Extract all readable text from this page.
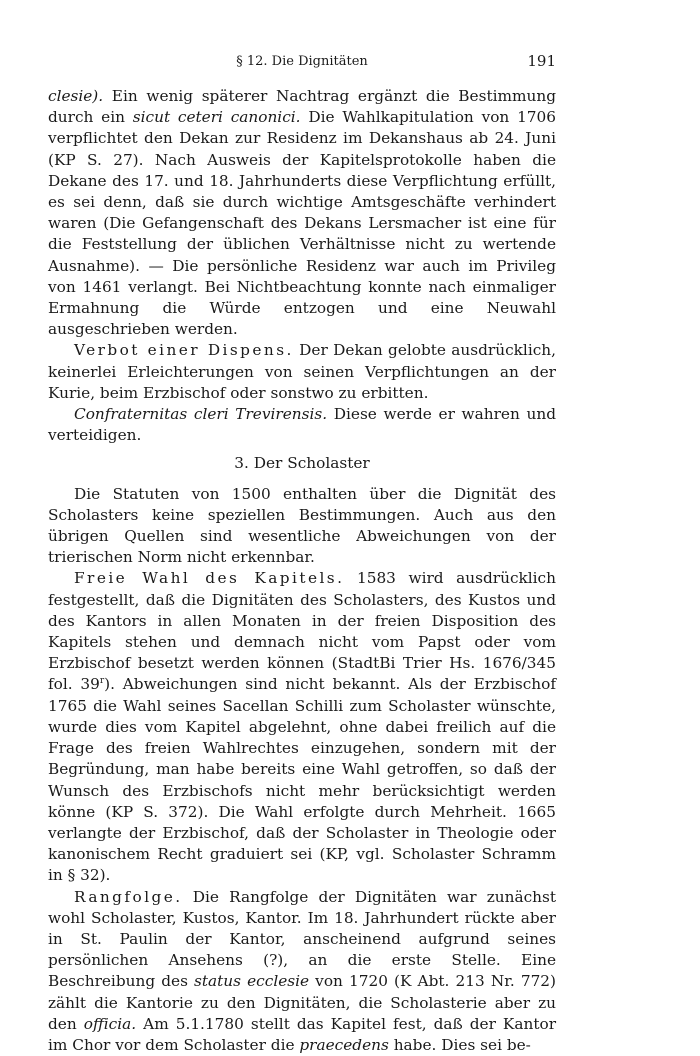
§ 12. Die Dignitäten	191

clesie). Ein wenig späterer Nachtrag ergänzt die Bestimmung durch ein sicut ceteri canonici. Die Wahlkapitulation von 1706 verpflichtet den Dekan zur Residenz im Dekanshaus ab 24. Juni (KP S. 27). Nach Ausweis der Kapitelsprotokolle haben die Dekane des 17. und 18. Jahrhunderts diese Verpflichtung erfüllt, es sei denn, daß sie durch wichtige Amtsgeschäfte verhindert waren (Die Gefangenschaft des Dekans Lersmacher ist eine für die Feststellung der üblichen Verhältnisse nicht zu wertende Ausnahme). — Die persönliche Residenz war auch im Privileg von 1461 verlangt. Bei Nichtbeachtung konnte nach einmaliger Ermahnung die Würde entzogen und eine Neuwahl ausgeschrieben werden.

Verbot einer Dispens. Der Dekan gelobte ausdrücklich, keinerlei Erleichterungen von seinen Verpflichtungen an der Kurie, beim Erzbischof oder sonstwo zu erbitten.

Confraternitas cleri Trevirensis. Diese werde er wahren und verteidigen.

3. Der Scholaster

Die Statuten von 1500 enthalten über die Dignität des Scholasters keine speziellen Bestimmungen. Auch aus den übrigen Quellen sind wesentliche Abweichungen von der trierischen Norm nicht erkennbar.

Freie Wahl des Kapitels. 1583 wird ausdrücklich festgestellt, daß die Dignitäten des Scholasters, des Kustos und des Kantors in allen Monaten in der freien Disposition des Kapitels stehen und demnach nicht vom Papst oder vom Erzbischof besetzt werden können (StadtBi Trier Hs. 1676/345 fol. 39$^r$). Abweichungen sind nicht bekannt. Als der Erzbischof 1765 die Wahl seines Sacellan Schilli zum Scholaster wünschte, wurde dies vom Kapitel abgelehnt, ohne dabei freilich auf die Frage des freien Wahlrechtes einzugehen, sondern mit der Begründung, man habe bereits eine Wahl getroffen, so daß der Wunsch des Erzbischofs nicht mehr berücksichtigt werden könne (KP S. 372). Die Wahl erfolgte durch Mehrheit. 1665 verlangte der Erzbischof, daß der Scholaster in Theologie oder kanonischem Recht graduiert sei (KP, vgl. Scholaster Schramm in § 32).

Rangfolge. Die Rangfolge der Dignitäten war zunächst wohl Scholaster, Kustos, Kantor. Im 18. Jahrhundert rückte aber in St. Paulin der Kantor, anscheinend aufgrund seines persönlichen Ansehens (?), an die erste Stelle. Eine Beschreibung des status ecclesie von 1720 (K Abt. 213 Nr. 772) zählt die Kantorie zu den Dignitäten, die Scholasterie aber zu den officia. Am 5.1.1780 stellt das Kapitel fest, daß der Kantor im Chor vor dem Scholaster die praecedens habe. Dies sei be-
